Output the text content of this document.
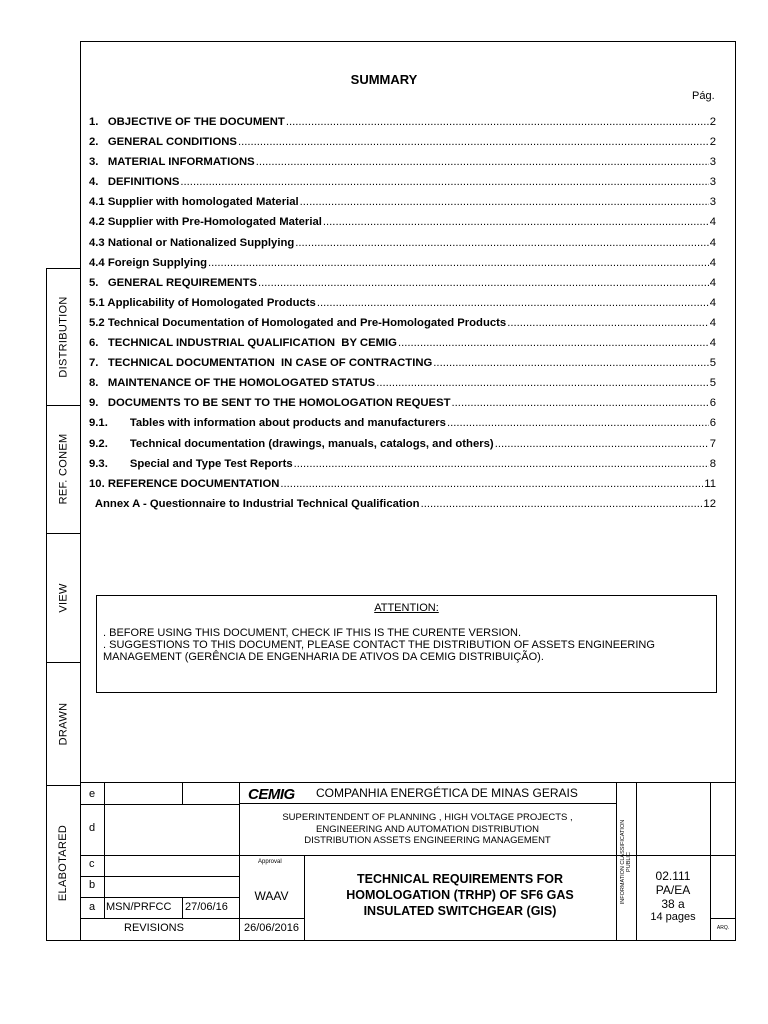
DISTRIBUTION
REF. CONEM
VIEW
DRAWN
ELABOTARED
SUMMARY
Pág.
1.   OBJECTIVE OF THE DOCUMENT .....	2
2.   GENERAL CONDITIONS .....	2
3.   MATERIAL INFORMATIONS .....	3
4.   DEFINITIONS .....	3
4.1 Supplier with homologated Material .....	3
4.2 Supplier with Pre-Homologated Material .....	4
4.3 National or Nationalized Supplying .....	4
4.4 Foreign Supplying .....	4
5.   GENERAL REQUIREMENTS .....	4
5.1 Applicability of Homologated Products .....	4
5.2 Technical Documentation of Homologated and Pre-Homologated Products .....	4
6.   TECHNICAL INDUSTRIAL QUALIFICATION  BY CEMIG .....	4
7.   TECHNICAL DOCUMENTATION  IN CASE OF CONTRACTING .....	5
8.   MAINTENANCE OF THE HOMOLOGATED STATUS .....	5
9.   DOCUMENTS TO BE SENT TO THE HOMOLOGATION REQUEST .....	6
9.1.       Tables with information about products and manufacturers .....	6
9.2.       Technical documentation (drawings, manuals, catalogs, and others) .....	7
9.3.       Special and Type Test Reports .....	8
10. REFERENCE DOCUMENTATION .....	11
Annex A - Questionnaire to Industrial Technical Qualification .....	12
ATTENTION:
. BEFORE USING THIS DOCUMENT, CHECK IF THIS IS THE CURENTE VERSION.
. SUGGESTIONS TO THIS DOCUMENT, PLEASE CONTACT THE DISTRIBUTION OF ASSETS ENGINEERING
MANAGEMENT (GERÊNCIA DE ENGENHARIA DE ATIVOS DA CEMIG DISTRIBUIÇÃO).
e
d
c
b
a MSN/PRFCC 27/06/16
REVISIONS	26/06/2016
CEMIG COMPANHIA ENERGÉTICA DE MINAS GERAIS
SUPERINTENDENT OF PLANNING , HIGH VOLTAGE PROJECTS ,
ENGINEERING AND AUTOMATION DISTRIBUTION
DISTRIBUTION ASSETS ENGINEERING MANAGEMENT
Approval
WAAV
TECHNICAL REQUIREMENTS FOR
HOMOLOGATION (TRHP) OF SF6 GAS
INSULATED SWITCHGEAR (GIS)
INFORMATION CLASSIFICATION PUBLIC
02.111
PA/EA
38 a
14 pages
ARQ.
